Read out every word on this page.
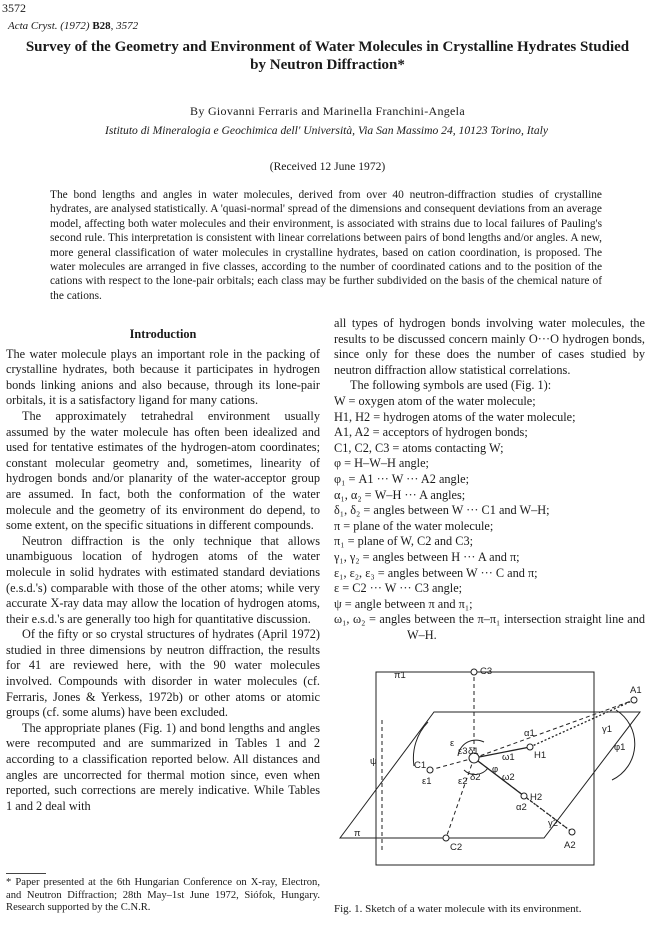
3572
Acta Cryst. (1972) B28, 3572
Survey of the Geometry and Environment of Water Molecules in Crystalline Hydrates Studied by Neutron Diffraction*
By Giovanni Ferraris and Marinella Franchini-Angela
Istituto di Mineralogia e Geochimica dell' Università, Via San Massimo 24, 10123 Torino, Italy
(Received 12 June 1972)
The bond lengths and angles in water molecules, derived from over 40 neutron-diffraction studies of crystalline hydrates, are analysed statistically. A 'quasi-normal' spread of the dimensions and consequent deviations from an average model, affecting both water molecules and their environment, is associated with strains due to local failures of Pauling's second rule. This interpretation is consistent with linear correlations between pairs of bond lengths and/or angles. A new, more general classification of water molecules in crystalline hydrates, based on cation coordination, is proposed. The water molecules are arranged in five classes, according to the number of coordinated cations and to the position of the cations with respect to the lone-pair orbitals; each class may be further subdivided on the basis of the chemical nature of the cations.
Introduction

The water molecule plays an important role in the packing of crystalline hydrates, both because it participates in hydrogen bonds linking anions and also because, through its lone-pair orbitals, it is a satisfactory ligand for many cations.

The approximately tetrahedral environment usually assumed by the water molecule has often been idealized and used for tentative estimates of the hydrogen-atom coordinates; constant molecular geometry and, sometimes, linearity of hydrogen bonds and/or planarity of the water-acceptor group are assumed. In fact, both the conformation of the water molecule and the geometry of its environment do depend, to some extent, on the specific situations in different compounds.

Neutron diffraction is the only technique that allows unambiguous location of hydrogen atoms of the water molecule in solid hydrates with estimated standard deviations (e.s.d.'s) comparable with those of the other atoms; while very accurate X-ray data may allow the location of hydrogen atoms, their e.s.d.'s are generally too high for quantitative discussion.

Of the fifty or so crystal structures of hydrates (April 1972) studied in three dimensions by neutron diffraction, the results for 41 are reviewed here, with the 90 water molecules involved. Compounds with disorder in water molecules (cf. Ferraris, Jones & Yerkess, 1972b) or other atoms or atomic groups (cf. some alums) have been excluded.

The appropriate planes (Fig. 1) and bond lengths and angles were recomputed and are summarized in Tables 1 and 2 according to a classification reported below. All distances and angles are uncorrected for thermal motion since, even when reported, such corrections are merely indicative. While Tables 1 and 2 deal with

* Paper presented at the 6th Hungarian Conference on X-ray, Electron, and Neutron Diffraction; 28th May–1st June 1972, Siófok, Hungary. Research supported by the C.N.R.

all types of hydrogen bonds involving water molecules, the results to be discussed concern mainly O···O hydrogen bonds, since only for these does the number of cases studied by neutron diffraction allow statistical correlations.

The following symbols are used (Fig. 1):

W = oxygen atom of the water molecule;
H1, H2 = hydrogen atoms of the water molecule;
A1, A2 = acceptors of hydrogen bonds;
C1, C2, C3 = atoms contacting W;
φ = H–W–H angle;
φ₁ = A1 ··· W ··· A2 angle;
α₁, α₂ = W–H ··· A angles;
δ₁, δ₂ = angles between W ··· C1 and W–H;
π = plane of the water molecule;
π₁ = plane of W, C2 and C3;
γ₁, γ₂ = angles between H ··· A and π;
ε₁, ε₂, ε₃ = angles between W ··· C and π;
ε = C2 ··· W ··· C3 angle;
ψ = angle between π and π₁;
ω₁, ω₂ = angles between the π–π₁ intersection straight line and W–H.
π1	C3
A1
C1
ε1
ε3 δ1
ε
α1
H1
ω1
ω2
φ
φ1
ψ
δ2
ε2
H2
α2
γ1
γ2
A2
C2
π
Fig. 1. Sketch of a water molecule with its environment.
